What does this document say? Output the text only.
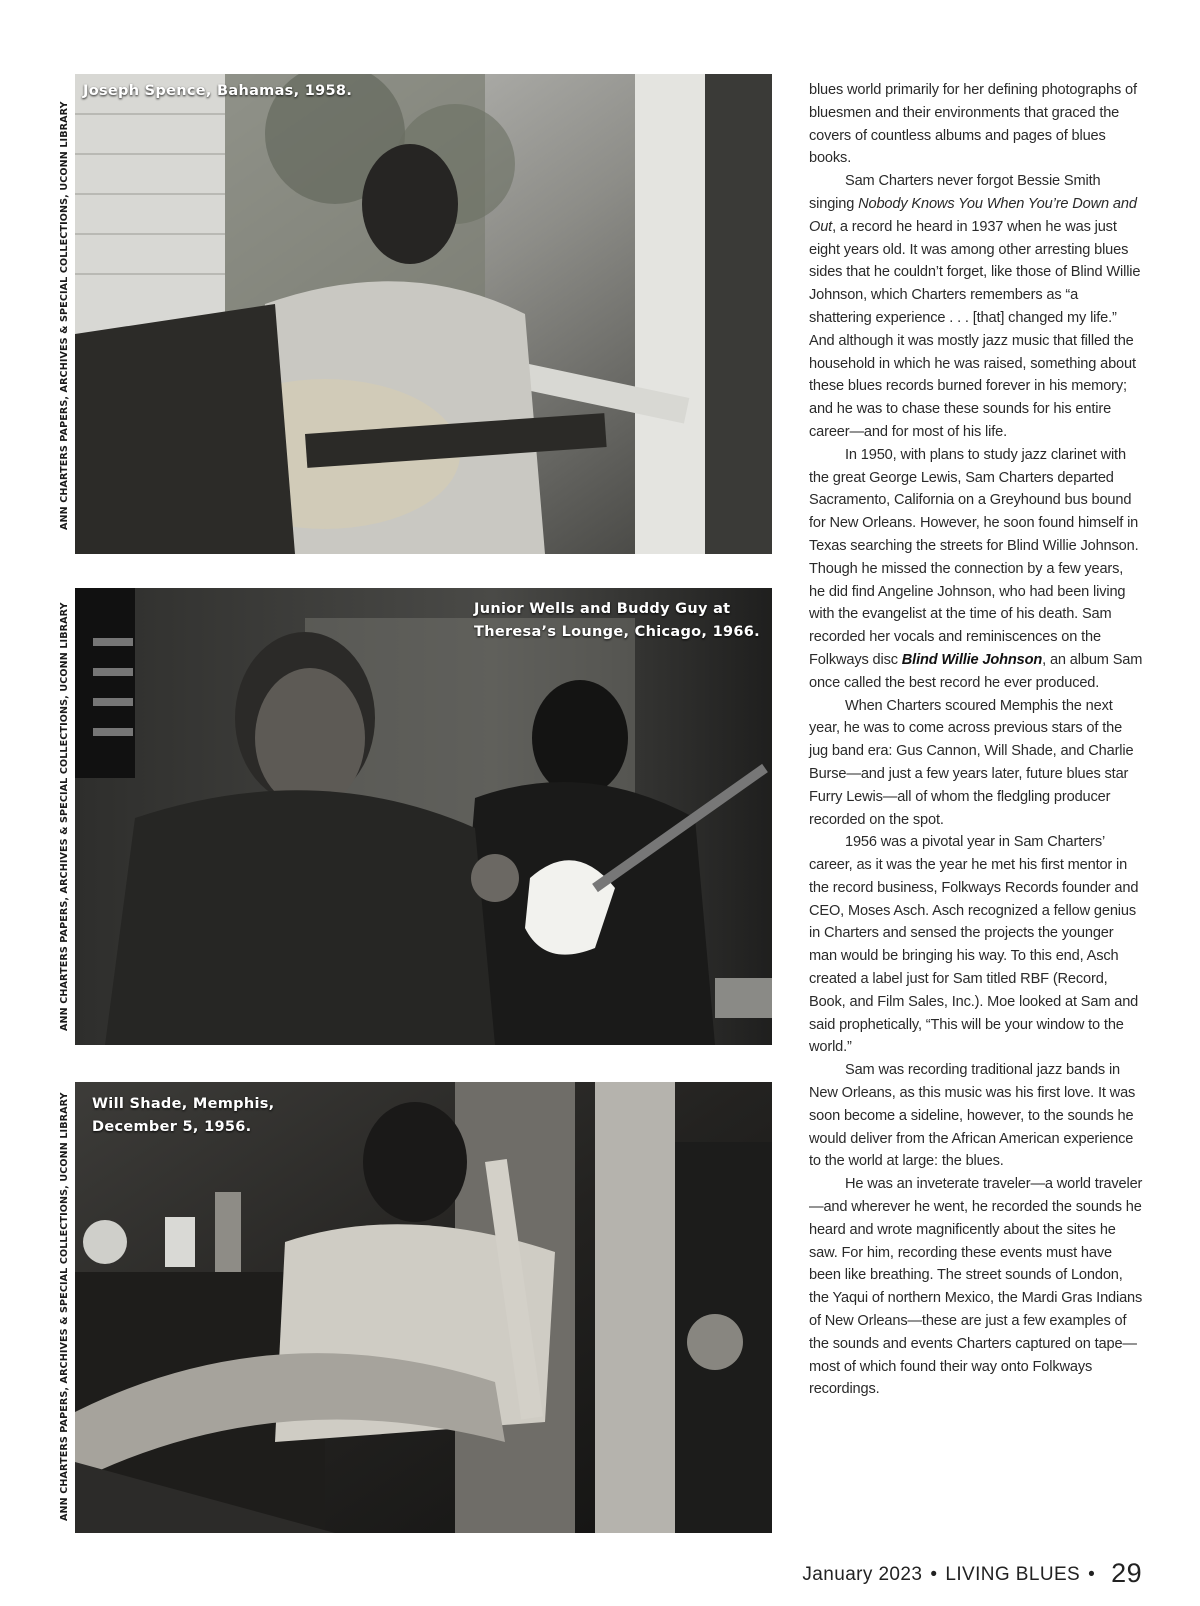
ANN CHARTERS PAPERS, ARCHIVES & SPECIAL COLLECTIONS, UCONN LIBRARY
ANN CHARTERS PAPERS, ARCHIVES & SPECIAL COLLECTIONS, UCONN LIBRARY
ANN CHARTERS PAPERS, ARCHIVES & SPECIAL COLLECTIONS, UCONN LIBRARY
Joseph Spence, Bahamas, 1958.
Junior Wells and Buddy Guy at
Theresa’s Lounge, Chicago, 1966.
Will Shade, Memphis,
December 5, 1956.

blues world primarily for her defining photographs of bluesmen and their environments that graced the covers of countless albums and pages of blues books.

Sam Charters never forgot Bessie Smith singing Nobody Knows You When You’re Down and Out, a record he heard in 1937 when he was just eight years old. It was among other arresting blues sides that he couldn’t forget, like those of Blind Willie Johnson, which Charters remembers as “a shattering experience . . . [that] changed my life.” And although it was mostly jazz music that filled the household in which he was raised, something about these blues records burned forever in his memory; and he was to chase these sounds for his entire career—and for most of his life.

In 1950, with plans to study jazz clarinet with the great George Lewis, Sam Charters departed Sacramento, California on a Greyhound bus bound for New Orleans. However, he soon found himself in Texas searching the streets for Blind Willie Johnson. Though he missed the connection by a few years, he did find Angeline Johnson, who had been living with the evangelist at the time of his death. Sam recorded her vocals and reminiscences on the Folkways disc Blind Willie Johnson, an album Sam once called the best record he ever produced.

When Charters scoured Memphis the next year, he was to come across previous stars of the jug band era: Gus Cannon, Will Shade, and Charlie Burse—and just a few years later, future blues star Furry Lewis—all of whom the fledgling producer recorded on the spot.

1956 was a pivotal year in Sam Charters’ career, as it was the year he met his first mentor in the record business, Folkways Records founder and CEO, Moses Asch. Asch recognized a fellow genius in Charters and sensed the projects the younger man would be bringing his way. To this end, Asch created a label just for Sam titled RBF (Record, Book, and Film Sales, Inc.). Moe looked at Sam and said prophetically, “This will be your window to the world.”

Sam was recording traditional jazz bands in New Orleans, as this music was his first love. It was soon become a sideline, however, to the sounds he would deliver from the African American experience to the world at large: the blues.

He was an inveterate traveler—a world traveler—and wherever he went, he recorded the sounds he heard and wrote magnificently about the sites he saw. For him, recording these events must have been like breathing. The street sounds of London, the Yaqui of northern Mexico, the Mardi Gras Indians of New Orleans—these are just a few examples of the sounds and events Charters captured on tape—most of which found their way onto Folkways recordings.

January 2023 • LIVING BLUES • 29
